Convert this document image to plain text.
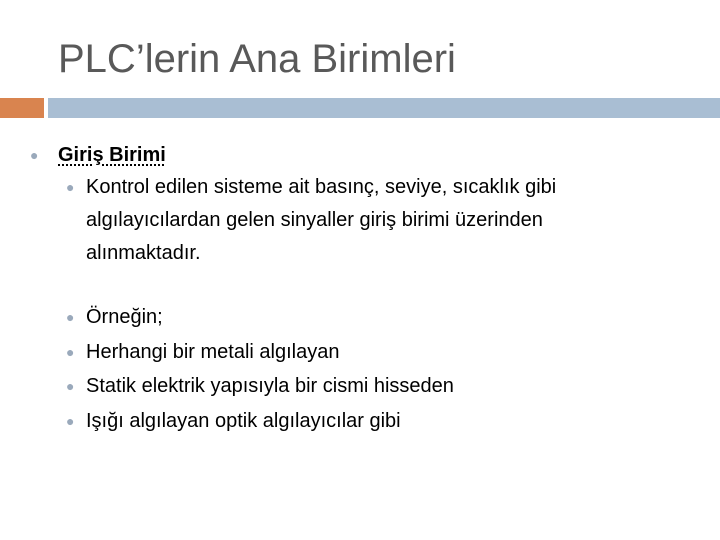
PLC’lerin Ana Birimleri
● Giriş Birimi
● Kontrol edilen sisteme ait basınç, seviye, sıcaklık gibi
algılayıcılardan gelen sinyaller giriş birimi üzerinden
alınmaktadır.
● Örneğin;
● Herhangi bir metali algılayan
● Statik elektrik yapısıyla bir cismi hisseden
● Işığı algılayan optik algılayıcılar gibi
